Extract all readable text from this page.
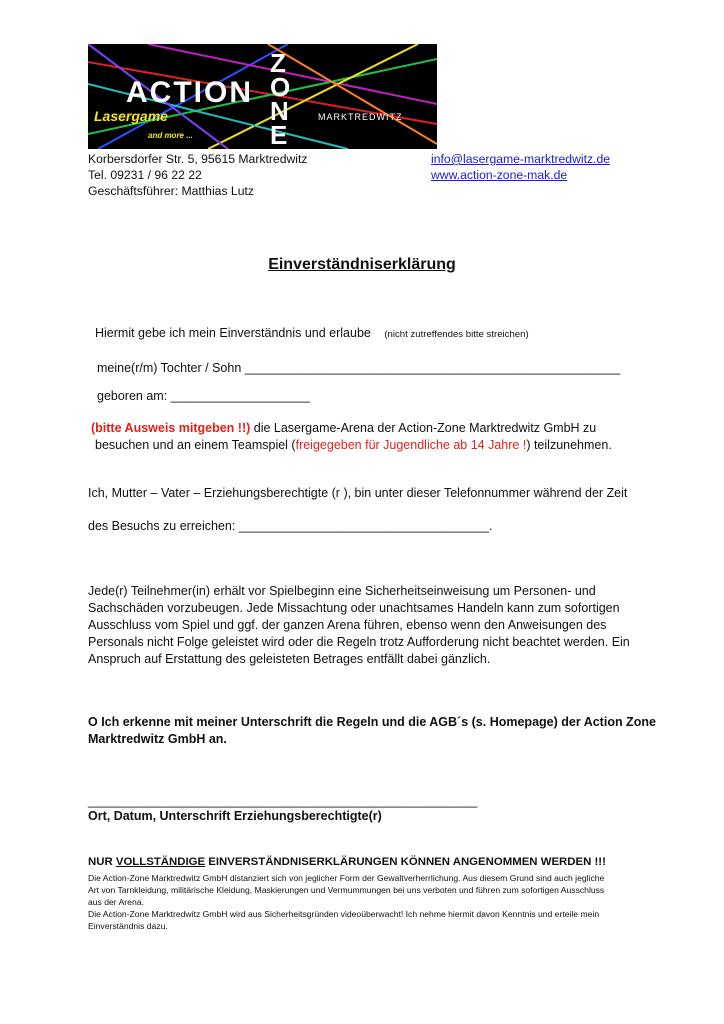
ACTION
Z
O
N
E
Lasergame
and more ...
MARKTREDWITZ
Korbersdorfer Str. 5, 95615 Marktredwitz
Tel. 09231 / 96 22 22
Geschäftsführer: Matthias Lutz
info@lasergame-marktredwitz.de
www.action-zone-mak.de
Einverständniserklärung
Hiermit gebe ich mein Einverständnis und erlaube (nicht zutreffendes bitte streichen)
meine(r/m) Tochter / Sohn ______________________________________________________
geboren am: ____________________
(bitte Ausweis mitgeben !!) die Lasergame-Arena der Action-Zone Marktredwitz GmbH zu
besuchen und an einem Teamspiel (freigegeben für Jugendliche ab 14 Jahre !) teilzunehmen.
Ich, Mutter – Vater – Erziehungsberechtigte (r ), bin unter dieser Telefonnummer während der Zeit
des Besuchs zu erreichen: ____________________________________.
Jede(r) Teilnehmer(in) erhält vor Spielbeginn eine Sicherheitseinweisung um Personen- und
Sachschäden vorzubeugen. Jede Missachtung oder unachtsames Handeln kann zum sofortigen
Ausschluss vom Spiel und ggf. der ganzen Arena führen, ebenso wenn den Anweisungen des
Personals nicht Folge geleistet wird oder die Regeln trotz Aufforderung nicht beachtet werden. Ein
Anspruch auf Erstattung des geleisteten Betrages entfällt dabei gänzlich.
O Ich erkenne mit meiner Unterschrift die Regeln und die AGB´s (s. Homepage) der Action Zone
Marktredwitz GmbH an.
________________________________________________________
Ort, Datum, Unterschrift Erziehungsberechtigte(r)
NUR VOLLSTÄNDIGE EINVERSTÄNDNISERKLÄRUNGEN KÖNNEN ANGENOMMEN WERDEN !!!
Die Action-Zone Marktredwitz GmbH distanziert sich von jeglicher Form der Gewaltverherrlichung. Aus diesem Grund sind auch jegliche
Art von Tarnkleidung, militärische Kleidung, Maskierungen und Vermummungen bei uns verboten und führen zum sofortigen Ausschluss
aus der Arena.
Die Action-Zone Marktredwitz GmbH wird aus Sicherheitsgründen videoüberwacht! Ich nehme hiermit davon Kenntnis und erteile mein
Einverständnis dazu.
